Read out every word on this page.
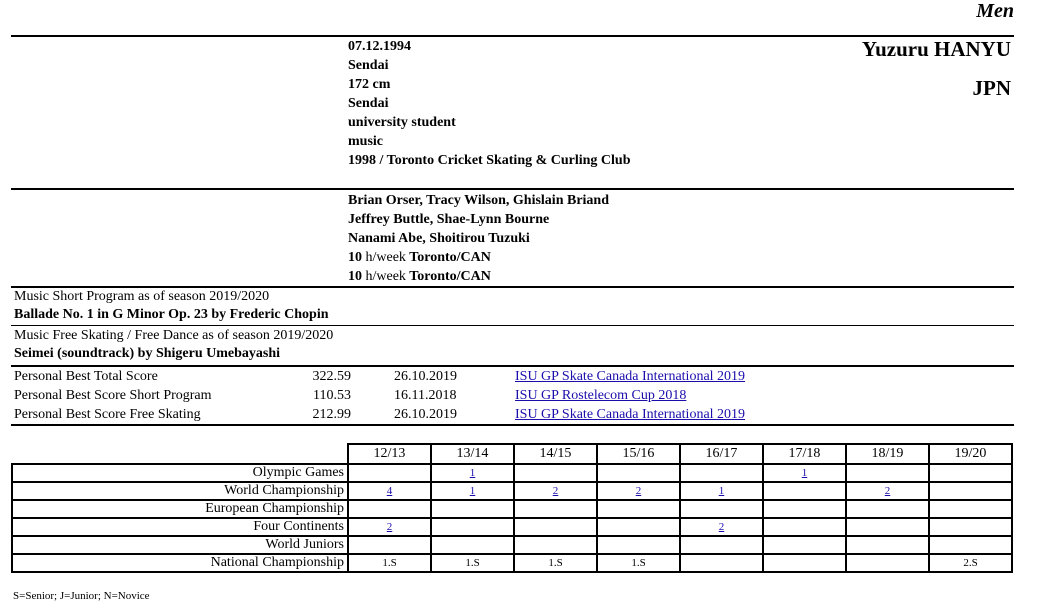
Men
Yuzuru HANYU
JPN
07.12.1994
Sendai
172 cm
Sendai
university student
music
1998 / Toronto Cricket Skating & Curling Club
Brian Orser, Tracy Wilson, Ghislain Briand
Jeffrey Buttle, Shae-Lynn Bourne
Nanami Abe, Shoitirou Tuzuki
10 h/week Toronto/CAN
10 h/week Toronto/CAN
Music Short Program as of season 2019/2020
Ballade No. 1 in G Minor Op. 23 by Frederic Chopin
Music Free Skating / Free Dance as of season 2019/2020
Seimei (soundtrack) by Shigeru Umebayashi
Personal Best Total Score	322.59	26.10.2019	ISU GP Skate Canada International 2019
Personal Best Score Short Program	110.53	16.11.2018	ISU GP Rostelecom Cup 2018
Personal Best Score Free Skating	212.99	26.10.2019	ISU GP Skate Canada International 2019
	12/13	13/14	14/15	15/16	16/17	17/18	18/19	19/20
Olympic Games		1				1		
World Championship	4	1	2	2	1		2	
European Championship								
Four Continents	2				2			
World Juniors								
National Championship	1.S	1.S	1.S	1.S				2.S
S=Senior; J=Junior; N=Novice
